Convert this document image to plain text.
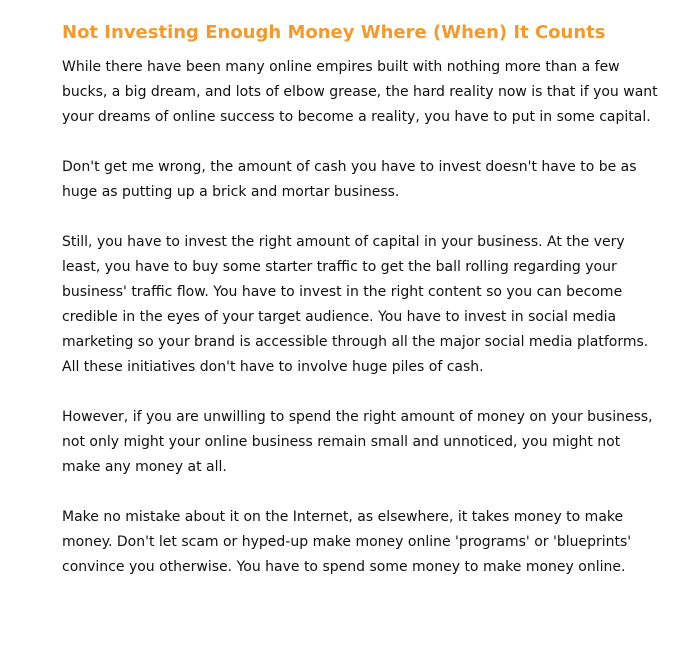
Not Investing Enough Money Where (When) It Counts

While there have been many online empires built with nothing more than a few bucks, a big dream, and lots of elbow grease, the hard reality now is that if you want your dreams of online success to become a reality, you have to put in some capital.

Don't get me wrong, the amount of cash you have to invest doesn't have to be as huge as putting up a brick and mortar business.

Still, you have to invest the right amount of capital in your business. At the very least, you have to buy some starter traffic to get the ball rolling regarding your business' traffic flow. You have to invest in the right content so you can become credible in the eyes of your target audience. You have to invest in social media marketing so your brand is accessible through all the major social media platforms. All these initiatives don't have to involve huge piles of cash.

However, if you are unwilling to spend the right amount of money on your business, not only might your online business remain small and unnoticed, you might not make any money at all.

Make no mistake about it on the Internet, as elsewhere, it takes money to make money. Don't let scam or hyped-up make money online 'programs' or 'blueprints' convince you otherwise. You have to spend some money to make money online.
